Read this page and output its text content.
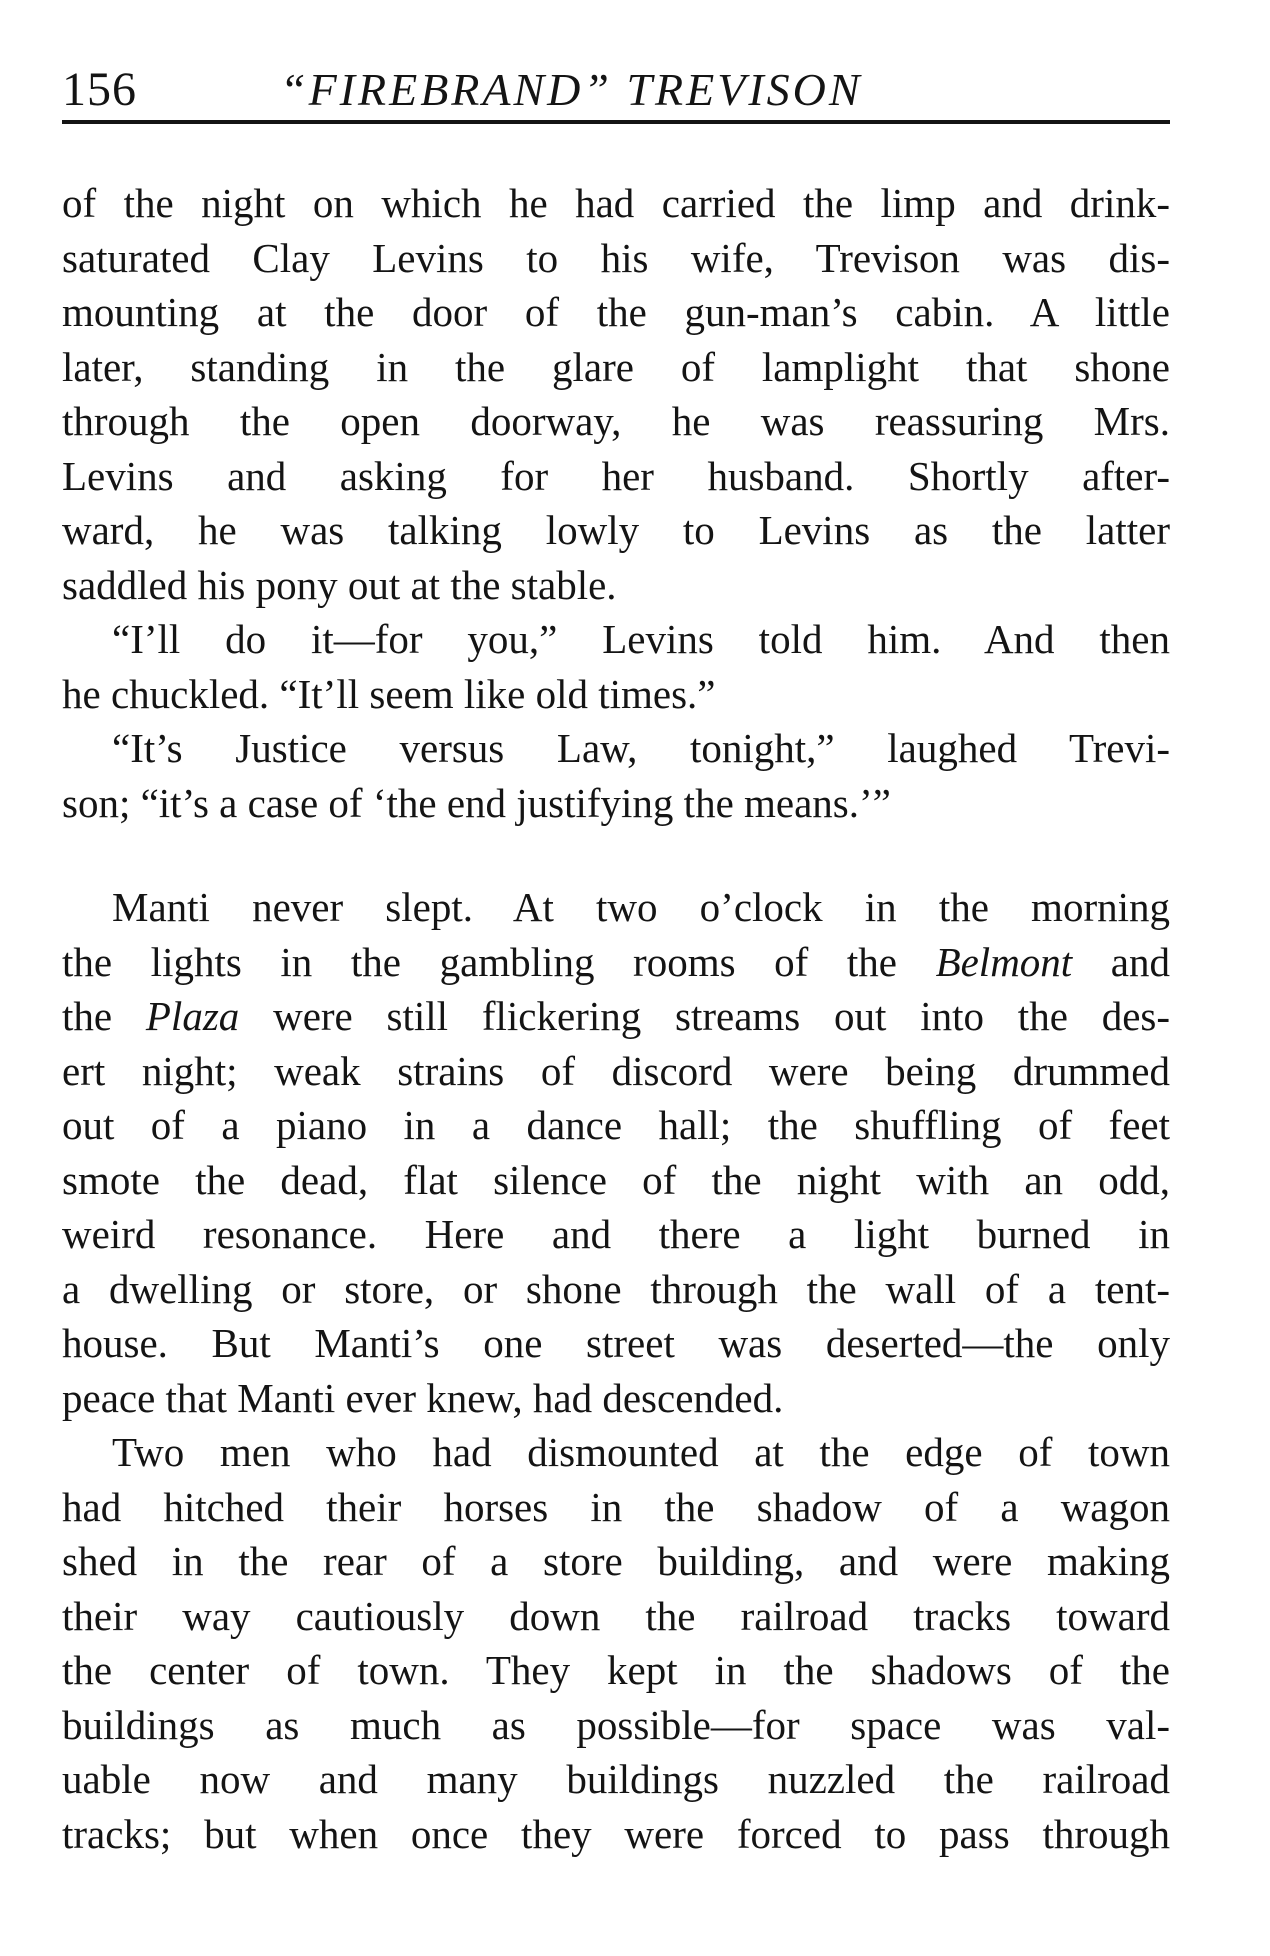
156	“FIREBRAND” TREVISON

of the night on which he had carried the limp and drink-
saturated Clay Levins to his wife, Trevison was dis-
mounting at the door of the gun-man’s cabin. A little
later, standing in the glare of lamplight that shone
through the open doorway, he was reassuring Mrs.
Levins and asking for her husband. Shortly after-
ward, he was talking lowly to Levins as the latter
saddled his pony out at the stable.

“I’ll do it—for you,” Levins told him. And then
he chuckled. “It’ll seem like old times.”

“It’s Justice versus Law, tonight,” laughed Trevi-
son; “it’s a case of ‘the end justifying the means.’”

Manti never slept. At two o’clock in the morning
the lights in the gambling rooms of the Belmont and
the Plaza were still flickering streams out into the des-
ert night; weak strains of discord were being drummed
out of a piano in a dance hall; the shuffling of feet
smote the dead, flat silence of the night with an odd,
weird resonance. Here and there a light burned in
a dwelling or store, or shone through the wall of a tent-
house. But Manti’s one street was deserted—the only
peace that Manti ever knew, had descended.

Two men who had dismounted at the edge of town
had hitched their horses in the shadow of a wagon
shed in the rear of a store building, and were making
their way cautiously down the railroad tracks toward
the center of town. They kept in the shadows of the
buildings as much as possible—for space was val-
uable now and many buildings nuzzled the railroad
tracks; but when once they were forced to pass through
